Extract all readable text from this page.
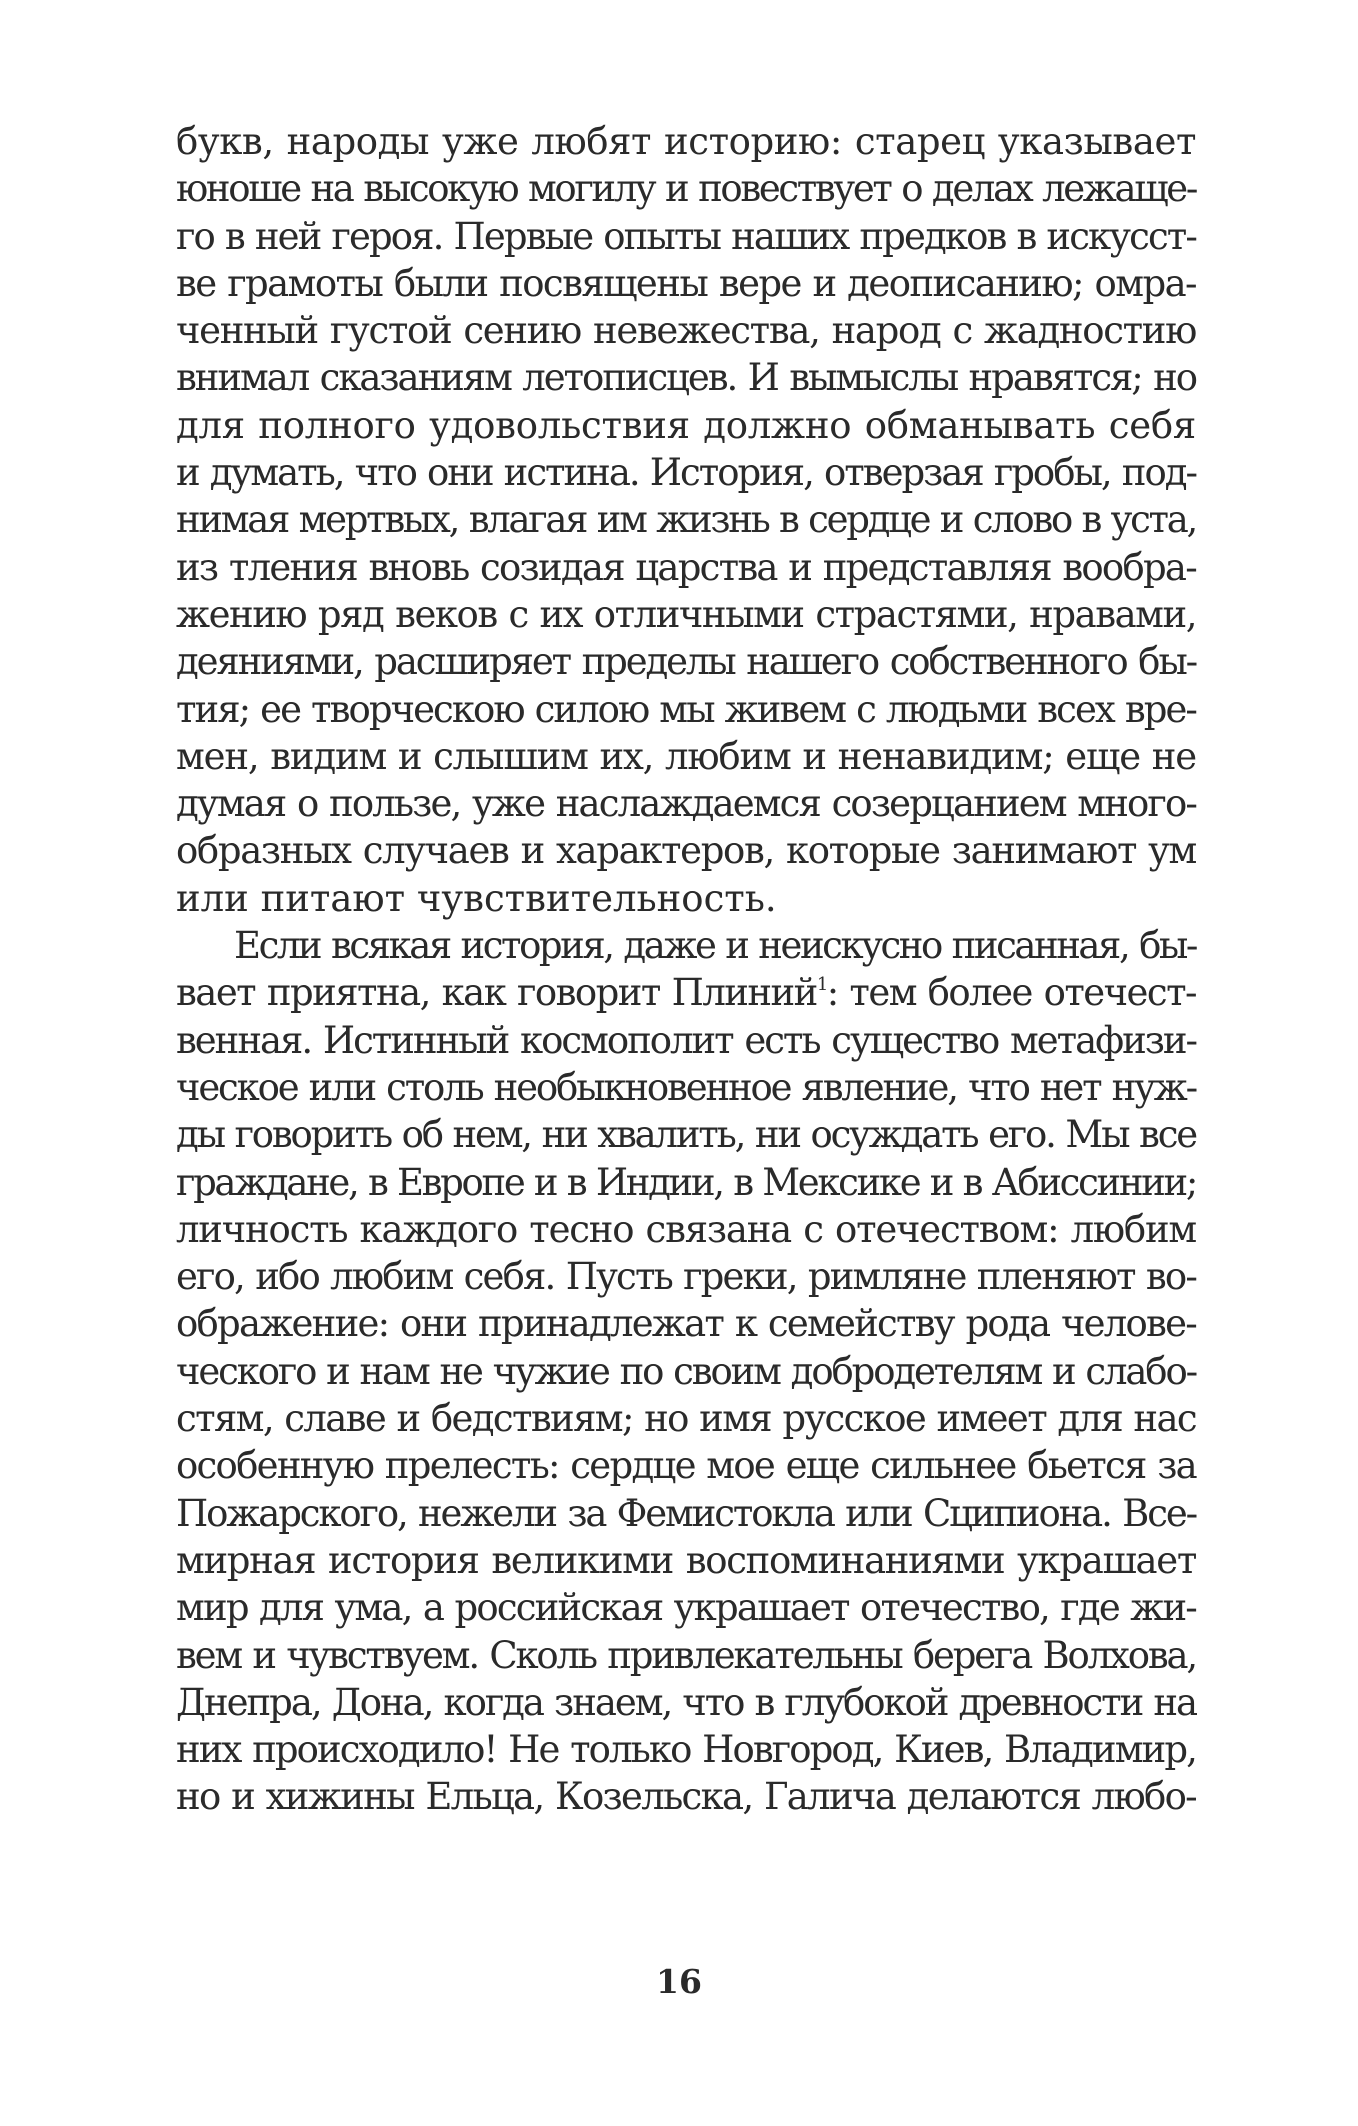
букв, народы уже любят историю: старец указывает
юноше на высокую могилу и повествует о делах лежаще-
го в ней героя. Первые опыты наших предков в искусст-
ве грамоты были посвящены вере и деописанию; омра-
ченный густой сению невежества, народ с жадностию
внимал сказаниям летописцев. И вымыслы нравятся; но
для полного удовольствия должно обманывать себя
и думать, что они истина. История, отверзая гробы, под-
нимая мертвых, влагая им жизнь в сердце и слово в уста,
из тления вновь созидая царства и представляя вообра-
жению ряд веков с их отличными страстями, нравами,
деяниями, расширяет пределы нашего собственного бы-
тия; ее творческою силою мы живем с людьми всех вре-
мен, видим и слышим их, любим и ненавидим; еще не
думая о пользе, уже наслаждаемся созерцанием много-
образных случаев и характеров, которые занимают ум
или питают чувствительность.
Если всякая история, даже и неискусно писанная, бы-
вает приятна, как говорит Плиний$^1$: тем более отечест-
венная. Истинный космополит есть существо метафизи-
ческое или столь необыкновенное явление, что нет нуж-
ды говорить об нем, ни хвалить, ни осуждать его. Мы все
граждане, в Европе и в Индии, в Мексике и в Абиссинии;
личность каждого тесно связана с отечеством: любим
его, ибо любим себя. Пусть греки, римляне пленяют во-
ображение: они принадлежат к семейству рода челове-
ческого и нам не чужие по своим добродетелям и слабо-
стям, славе и бедствиям; но имя русское имеет для нас
особенную прелесть: сердце мое еще сильнее бьется за
Пожарского, нежели за Фемистокла или Сципиона. Все-
мирная история великими воспоминаниями украшает
мир для ума, а российская украшает отечество, где жи-
вем и чувствуем. Сколь привлекательны берега Волхова,
Днепра, Дона, когда знаем, что в глубокой древности на
них происходило! Не только Новгород, Киев, Владимир,
но и хижины Ельца, Козельска, Галича делаются любо-
16
